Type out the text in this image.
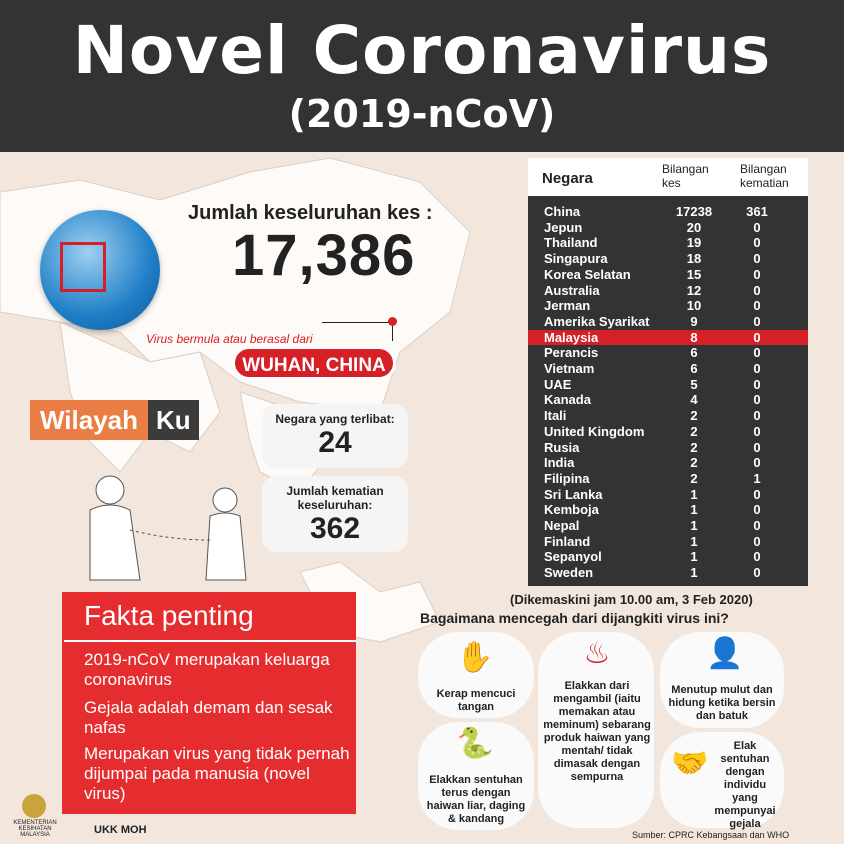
Novel Coronavirus
(2019-nCoV)
Jumlah keseluruhan kes :
17,386
Virus bermula atau berasal dari
WUHAN, CHINA
Wilayah Ku	Negara yang terlibat:
24
Jumlah kematian keseluruhan:
362
Negara
Bilangan kes
Bilangan kematian
China	17238	361
Jepun	20	0
Thailand	19	0
Singapura	18	0
Korea Selatan	15	0
Australia	12	0
Jerman	10	0
Amerika Syarikat	9	0
Malaysia	8	0
Perancis	6	0
Vietnam	6	0
UAE	5	0
Kanada	4	0
Itali	2	0
United Kingdom	2	0
Rusia	2	0
India	2	0
Filipina	2	1
Sri Lanka	1	0
Kemboja	1	0
Nepal	1	0
Finland	1	0
Sepanyol	1	0
Sweden	1	0
(Dikemaskini jam 10.00 am, 3 Feb 2020)
Bagaimana mencegah dari dijangkiti virus ini?
Fakta penting
2019-nCoV merupakan keluarga coronavirus
Gejala adalah demam dan sesak nafas
Merupakan virus yang tidak pernah dijumpai pada manusia (novel virus)
✋
Kerap mencuci tangan
♨
Elakkan dari mengambil (iaitu memakan atau meminum) sebarang produk haiwan yang mentah/ tidak dimasak dengan sempurna
👤
Menutup mulut dan hidung ketika bersin dan batuk
🐍
Elakkan sentuhan terus dengan haiwan liar, daging & kandang
🤝
Elak sentuhan dengan individu yang mempunyai gejala
KEMENTERIAN KESIHATAN MALAYSIA	UKK MOH	Sumber: CPRC Kebangsaan dan WHO
